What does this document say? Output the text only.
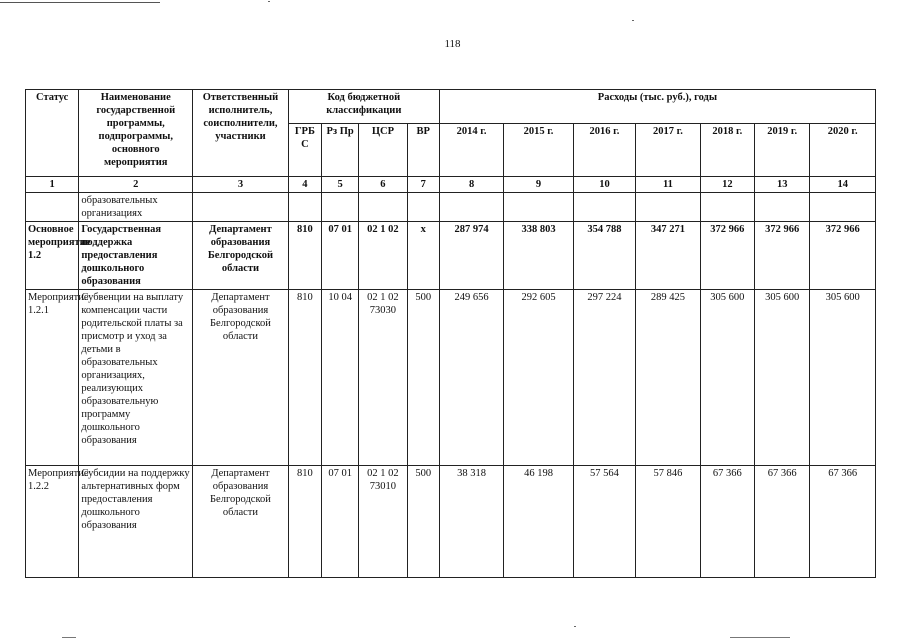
118
Статус	Наименование государственной программы, подпрограммы, основного мероприятия	Ответственный исполнитель, соисполнители, участники	Код бюджетной классификации				Расходы (тыс. руб.), годы						
			ГРБ С	Рз Пр	ЦСР	ВР	2014 г.	2015 г.	2016 г.	2017 г.	2018 г.	2019 г.	2020 г.
1	2	3	4	5	6	7	8	9	10	11	12	13	14
	образовательных организациях												
Основное мероприятие 1.2	Государственная поддержка предоставления дошкольного образования	Департамент образования Белгородской области	810	07 01	02 1 02	х	287 974	338 803	354 788	347 271	372 966	372 966	372 966
Мероприятие 1.2.1	Субвенции на выплату компенсации части родительской платы за присмотр и уход за детьми в образовательных организациях, реализующих образовательную программу дошкольного образования	Департамент образования Белгородской области	810	10 04	02 1 02 73030	500	249 656	292 605	297 224	289 425	305 600	305 600	305 600
Мероприятие 1.2.2	Субсидии на поддержку альтернативных форм предоставления дошкольного образования	Департамент образования Белгородской области	810	07 01	02 1 02 73010	500	38 318	46 198	57 564	57 846	67 366	67 366	67 366
